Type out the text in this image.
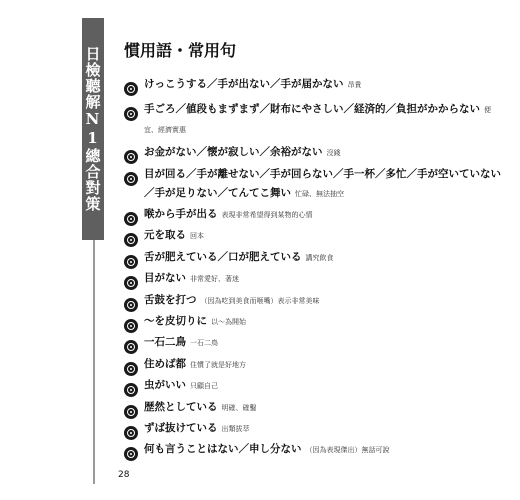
日檢聽解N1總合對策 慣用語・常用句
けっこうする／手が出ない／手が届かない 昂貴
手ごろ／値段もまずまず／財布にやさしい／経済的／負担がかからない 便宜、經濟實惠
お金がない／懐が寂しい／余裕がない 沒錢
目が回る／手が離せない／手が回らない／手一杯／多忙／手が空いていない／手が足りない／てんてこ舞い 忙碌、無法抽空
喉から手が出る 表現非常希望得到某物的心情
元を取る 回本
舌が肥えている／口が肥えている 講究飲食
目がない 非常愛好、著迷
舌鼓を打つ （因為吃到美食而咂嘴）表示非常美味
〜を皮切りに 以〜為開始
一石二鳥 一石二鳥
住めば都 住慣了就是好地方
虫がいい 只顧自己
歴然としている 明確、確鑿
ずば抜けている 出類拔萃
何も言うことはない／申し分ない （因為表現傑出）無話可說
28
